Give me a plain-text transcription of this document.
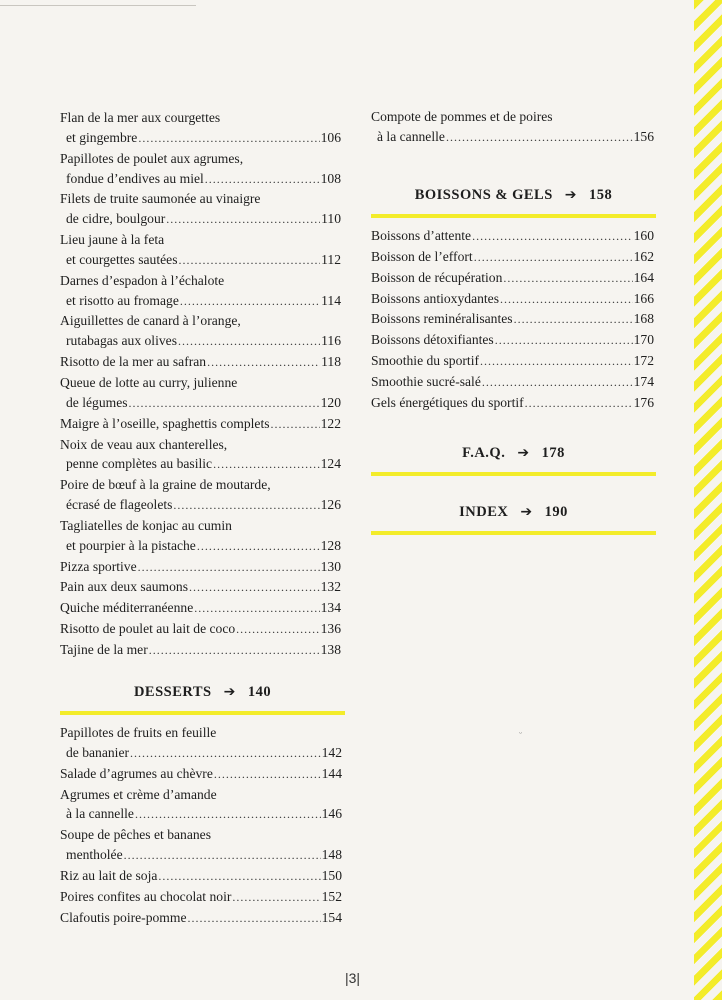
Flan de la mer aux courgettes
et gingembre .....	106
Papillotes de poulet aux agrumes,
fondue d’endives au miel .....	108
Filets de truite saumonée au vinaigre
de cidre, boulgour .....	110
Lieu jaune à la feta
et courgettes sautées .....	112
Darnes d’espadon à l’échalote
et risotto au fromage .....	114
Aiguillettes de canard à l’orange,
rutabagas aux olives .....	116
Risotto de la mer au safran .....	118
Queue de lotte au curry, julienne
de légumes .....	120
Maigre à l’oseille, spaghettis complets .....	122
Noix de veau aux chanterelles,
penne complètes au basilic .....	124
Poire de bœuf à la graine de moutarde,
écrasé de flageolets .....	126
Tagliatelles de konjac au cumin
et pourpier à la pistache .....	128
Pizza sportive .....	130
Pain aux deux saumons .....	132
Quiche méditerranéenne .....	134
Risotto de poulet au lait de coco .....	136
Tajine de la mer .....	138
DESSERTS ➔ 140
Papillotes de fruits en feuille
de bananier .....	142
Salade d’agrumes au chèvre .....	144
Agrumes et crème d’amande
à la cannelle .....	146
Soupe de pêches et bananes
mentholée .....	148
Riz au lait de soja .....	150
Poires confites au chocolat noir .....	152
Clafoutis poire-pomme .....	154
Compote de pommes et de poires
à la cannelle .....	156
BOISSONS & GELS ➔ 158
Boissons d’attente .....	160
Boisson de l’effort .....	162
Boisson de récupération .....	164
Boissons antioxydantes .....	166
Boissons reminéralisantes .....	168
Boissons détoxifiantes .....	170
Smoothie du sportif .....	172
Smoothie sucré-salé .....	174
Gels énergétiques du sportif .....	176
F.A.Q. ➔ 178
INDEX ➔ 190
ᵕ
|3|
